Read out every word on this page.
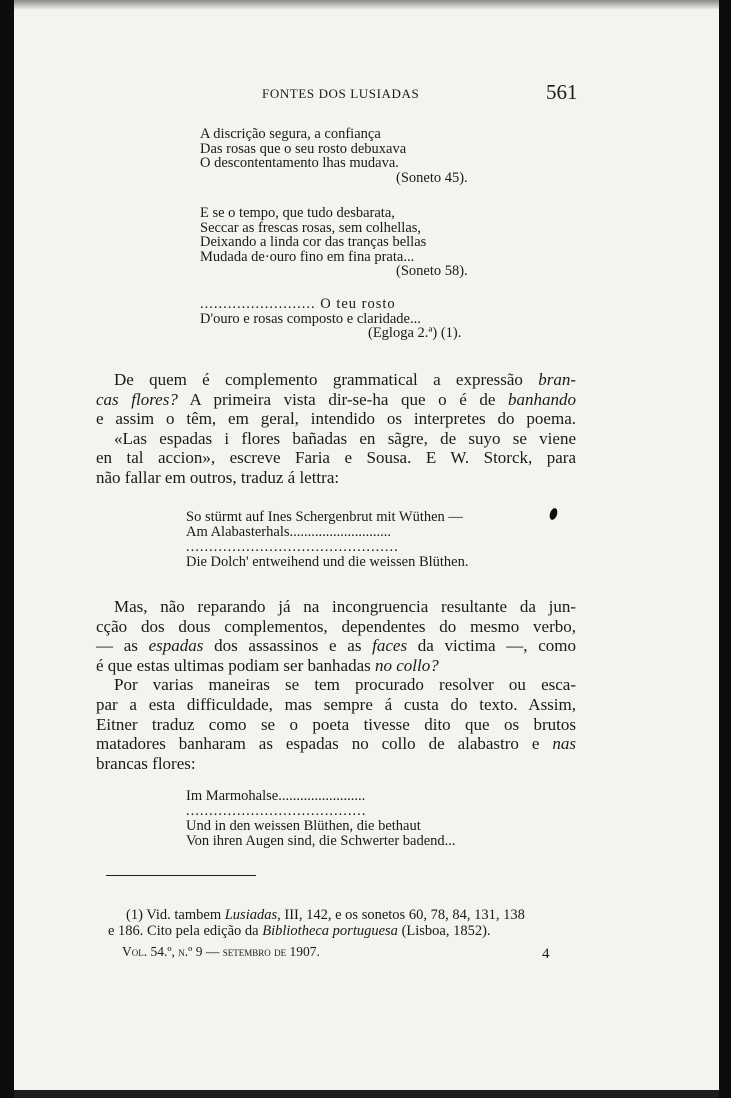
FONTES DOS LUSIADAS	561
A discrição segura, a confiança
Das rosas que o seu rosto debuxava
O descontentamento lhas mudava.
(Soneto 45).
E se o tempo, que tudo desbarata,
Seccar as frescas rosas, sem colhellas,
Deixando a linda cor das tranças bellas
Mudada de·ouro fino em fina prata...
(Soneto 58).
......................... O teu rosto
D'ouro e rosas composto e claridade...
(Egloga 2.ª) (1).
De quem é complemento grammatical a expressão bran-
cas flores? A primeira vista dir-se-ha que o é de banhando
e assim o têm, em geral, intendido os interpretes do poema.
«Las espadas i flores bañadas en sãgre, de suyo se viene
en tal accion», escreve Faria e Sousa. E W. Storck, para
não fallar em outros, traduz á lettra:
So stürmt auf Ines Schergenbrut mit Wüthen —
Am Alabasterhals............................
..............................................
Die Dolch' entweihend und die weissen Blüthen.
Mas, não reparando já na incongruencia resultante da jun-
cção dos dous complementos, dependentes do mesmo verbo,
— as espadas dos assassinos e as faces da victima —, como
é que estas ultimas podiam ser banhadas no collo?
Por varias maneiras se tem procurado resolver ou esca-
par a esta difficuldade, mas sempre á custa do texto. Assim,
Eitner traduz como se o poeta tivesse dito que os brutos
matadores banharam as espadas no collo de alabastro e nas
brancas flores:
Im Marmohalse........................
.......................................
Und in den weissen Blüthen, die bethaut
Von ihren Augen sind, die Schwerter badend...
(1) Vid. tambem Lusiadas, III, 142, e os sonetos 60, 78, 84, 131, 138
e 186. Cito pela edição da Bibliotheca portuguesa (Lisboa, 1852).
Vol. 54.º, n.º 9 — setembro de 1907.	4
